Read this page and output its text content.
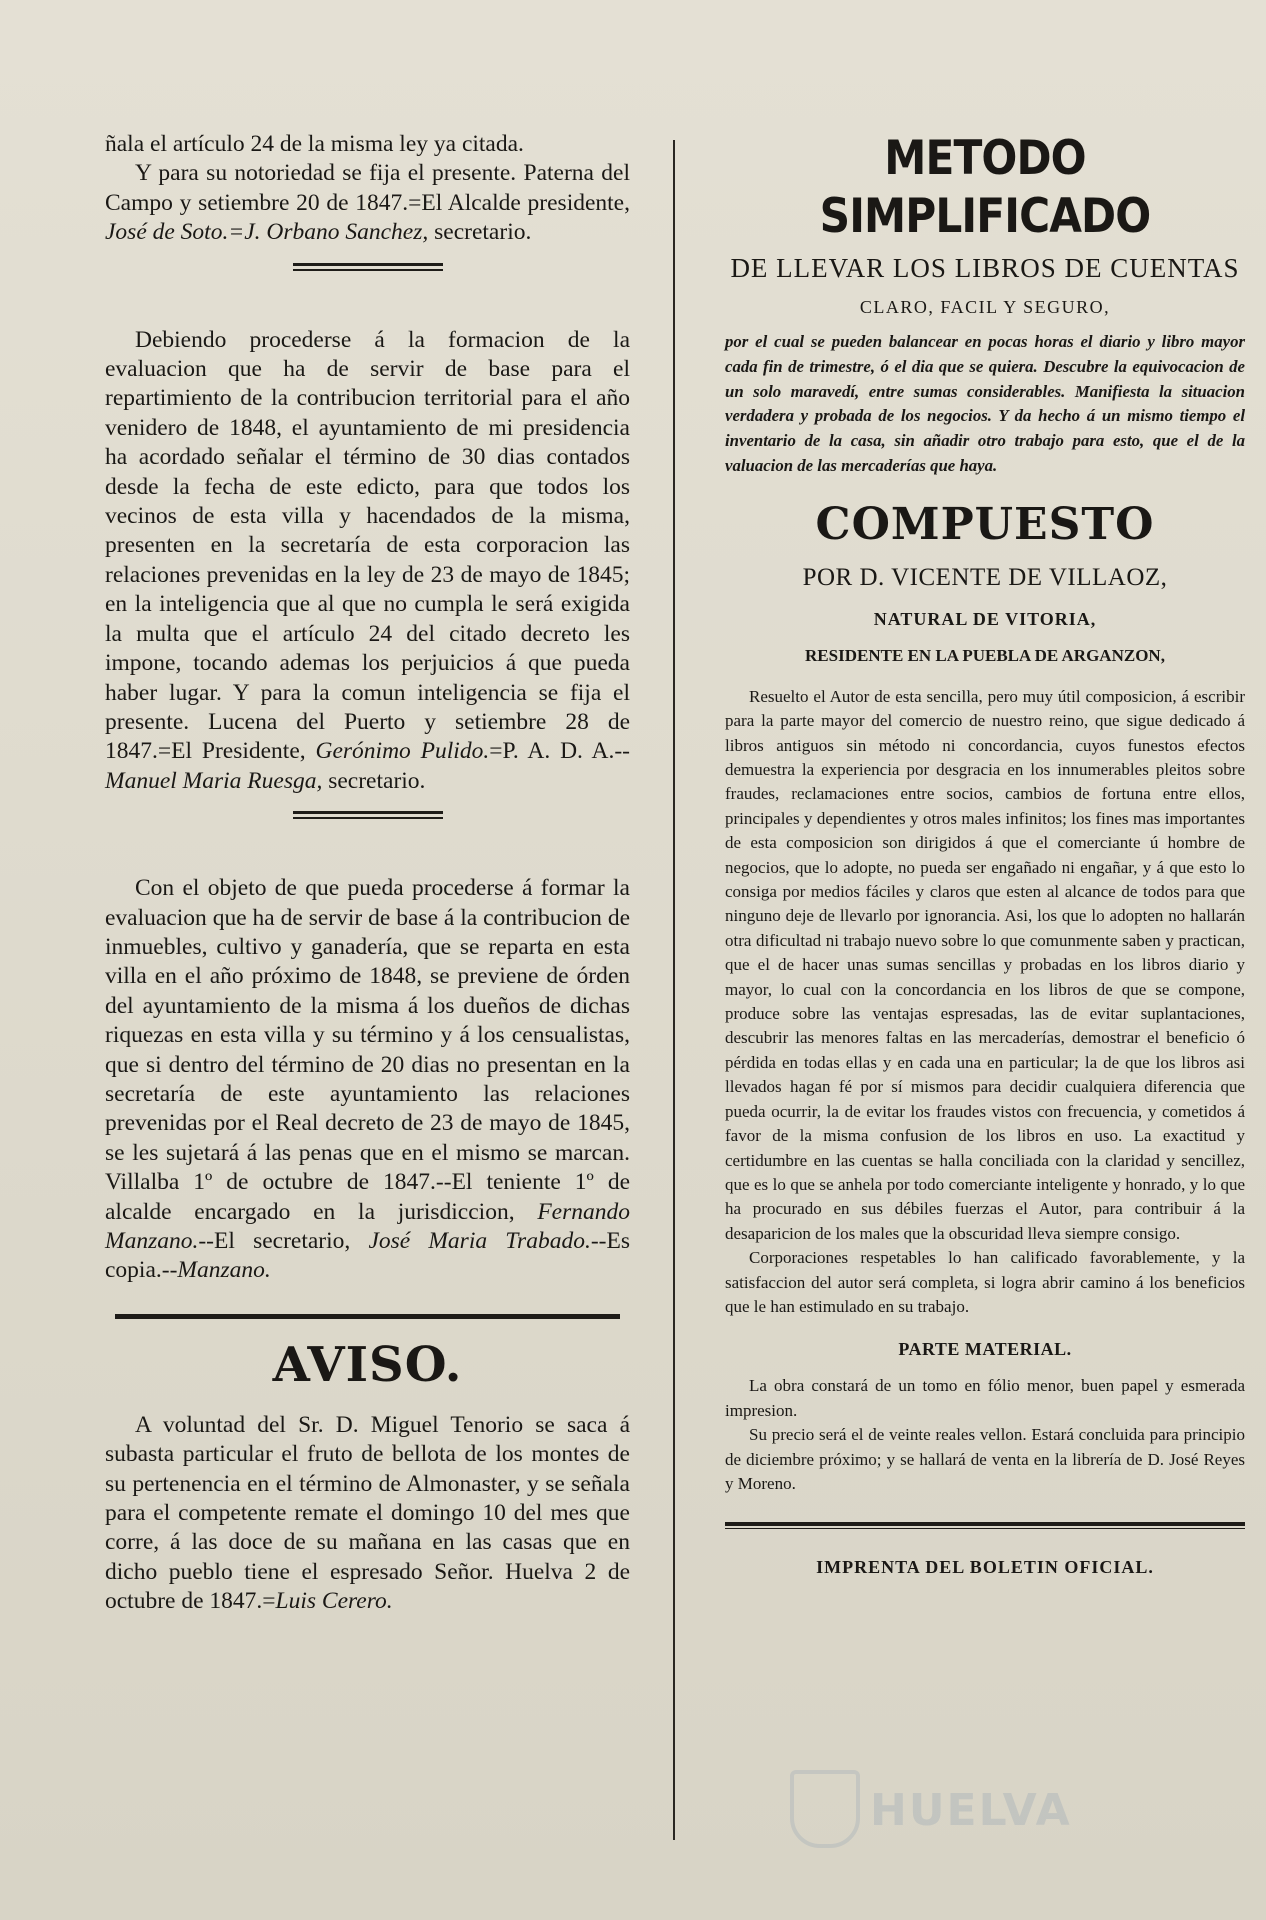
ñala el artículo 24 de la misma ley ya citada.

Y para su notoriedad se fija el presente. Paterna del Campo y setiembre 20 de 1847.=El Alcalde presidente, José de Soto.=J. Orbano Sanchez, secretario.

Debiendo procederse á la formacion de la evaluacion que ha de servir de base para el repartimiento de la contribucion territorial para el año venidero de 1848, el ayuntamiento de mi presidencia ha acordado señalar el término de 30 dias contados desde la fecha de este edicto, para que todos los vecinos de esta villa y hacendados de la misma, presenten en la secretaría de esta corporacion las relaciones prevenidas en la ley de 23 de mayo de 1845; en la inteligencia que al que no cumpla le será exigida la multa que el artículo 24 del citado decreto les impone, tocando ademas los perjuicios á que pueda haber lugar. Y para la comun inteligencia se fija el presente. Lucena del Puerto y setiembre 28 de 1847.=El Presidente, Gerónimo Pulido.=P. A. D. A.--Manuel Maria Ruesga, secretario.

Con el objeto de que pueda procederse á formar la evaluacion que ha de servir de base á la contribucion de inmuebles, cultivo y ganadería, que se reparta en esta villa en el año próximo de 1848, se previene de órden del ayuntamiento de la misma á los dueños de dichas riquezas en esta villa y su término y á los censualistas, que si dentro del término de 20 dias no presentan en la secretaría de este ayuntamiento las relaciones prevenidas por el Real decreto de 23 de mayo de 1845, se les sujetará á las penas que en el mismo se marcan. Villalba 1º de octubre de 1847.--El teniente 1º de alcalde encargado en la jurisdiccion, Fernando Manzano.--El secretario, José Maria Trabado.--Es copia.--Manzano.

AVISO.

A voluntad del Sr. D. Miguel Tenorio se saca á subasta particular el fruto de bellota de los montes de su pertenencia en el término de Almonaster, y se señala para el competente remate el domingo 10 del mes que corre, á las doce de su mañana en las casas que en dicho pueblo tiene el espresado Señor. Huelva 2 de octubre de 1847.=Luis Cerero.

METODO SIMPLIFICADO
DE LLEVAR LOS LIBROS DE CUENTAS
CLARO, FACIL Y SEGURO,
por el cual se pueden balancear en pocas horas el diario y libro mayor cada fin de trimestre, ó el dia que se quiera. Descubre la equivocacion de un solo maravedí, entre sumas considerables. Manifiesta la situacion verdadera y probada de los negocios. Y da hecho á un mismo tiempo el inventario de la casa, sin añadir otro trabajo para esto, que el de la valuacion de las mercaderías que haya.
COMPUESTO
POR D. VICENTE DE VILLAOZ,
NATURAL DE VITORIA,
RESIDENTE EN LA PUEBLA DE ARGANZON,

Resuelto el Autor de esta sencilla, pero muy útil composicion, á escribir para la parte mayor del comercio de nuestro reino, que sigue dedicado á libros antiguos sin método ni concordancia, cuyos funestos efectos demuestra la experiencia por desgracia en los innumerables pleitos sobre fraudes, reclamaciones entre socios, cambios de fortuna entre ellos, principales y dependientes y otros males infinitos; los fines mas importantes de esta composicion son dirigidos á que el comerciante ú hombre de negocios, que lo adopte, no pueda ser engañado ni engañar, y á que esto lo consiga por medios fáciles y claros que esten al alcance de todos para que ninguno deje de llevarlo por ignorancia. Asi, los que lo adopten no hallarán otra dificultad ni trabajo nuevo sobre lo que comunmente saben y practican, que el de hacer unas sumas sencillas y probadas en los libros diario y mayor, lo cual con la concordancia en los libros de que se compone, produce sobre las ventajas espresadas, las de evitar suplantaciones, descubrir las menores faltas en las mercaderías, demostrar el beneficio ó pérdida en todas ellas y en cada una en particular; la de que los libros asi llevados hagan fé por sí mismos para decidir cualquiera diferencia que pueda ocurrir, la de evitar los fraudes vistos con frecuencia, y cometidos á favor de la misma confusion de los libros en uso. La exactitud y certidumbre en las cuentas se halla conciliada con la claridad y sencillez, que es lo que se anhela por todo comerciante inteligente y honrado, y lo que ha procurado en sus débiles fuerzas el Autor, para contribuir á la desaparicion de los males que la obscuridad lleva siempre consigo.

Corporaciones respetables lo han calificado favorablemente, y la satisfaccion del autor será completa, si logra abrir camino á los beneficios que le han estimulado en su trabajo.

PARTE MATERIAL.

La obra constará de un tomo en fólio menor, buen papel y esmerada impresion.

Su precio será el de veinte reales vellon. Estará concluida para principio de diciembre próximo; y se hallará de venta en la librería de D. José Reyes y Moreno.

IMPRENTA DEL BOLETIN OFICIAL.
HUELVA
